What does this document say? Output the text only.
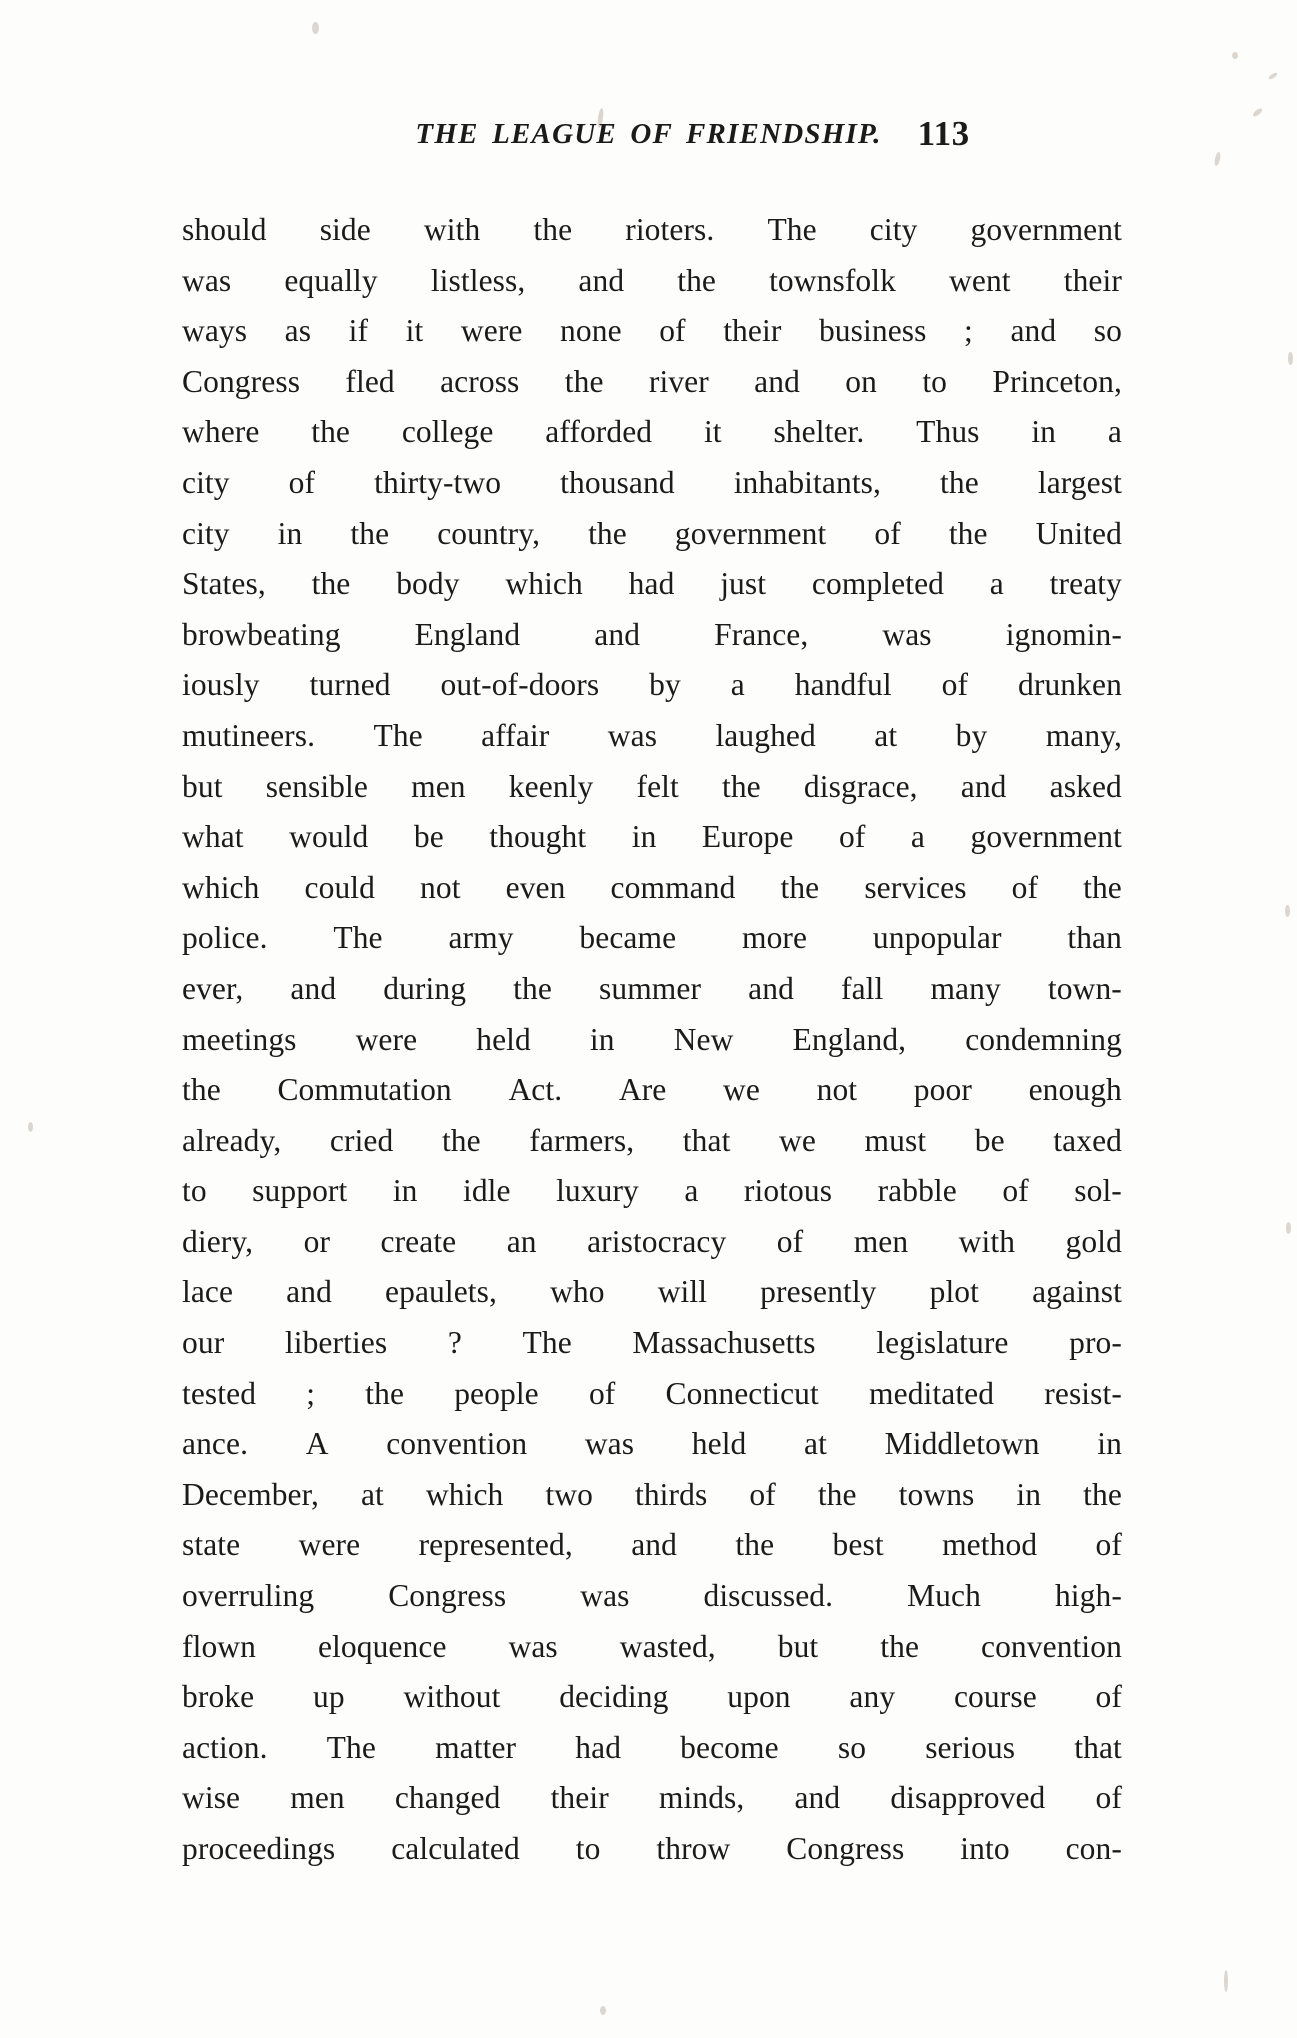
THE LEAGUE OF FRIENDSHIP. 113
should side with the rioters. The city government
was equally listless, and the townsfolk went their
ways as if it were none of their business ; and so
Congress fled across the river and on to Princeton,
where the college afforded it shelter. Thus in a
city of thirty-two thousand inhabitants, the largest
city in the country, the government of the United
States, the body which had just completed a treaty
browbeating England and France, was ignomin-
iously turned out-of-doors by a handful of drunken
mutineers. The affair was laughed at by many,
but sensible men keenly felt the disgrace, and asked
what would be thought in Europe of a government
which could not even command the services of the
police. The army became more unpopular than
ever, and during the summer and fall many town-
meetings were held in New England, condemning
the Commutation Act. Are we not poor enough
already, cried the farmers, that we must be taxed
to support in idle luxury a riotous rabble of sol-
diery, or create an aristocracy of men with gold
lace and epaulets, who will presently plot against
our liberties ? The Massachusetts legislature pro-
tested ; the people of Connecticut meditated resist-
ance. A convention was held at Middletown in
December, at which two thirds of the towns in the
state were represented, and the best method of
overruling Congress was discussed. Much high-
flown eloquence was wasted, but the convention
broke up without deciding upon any course of
action. The matter had become so serious that
wise men changed their minds, and disapproved of
proceedings calculated to throw Congress into con-
